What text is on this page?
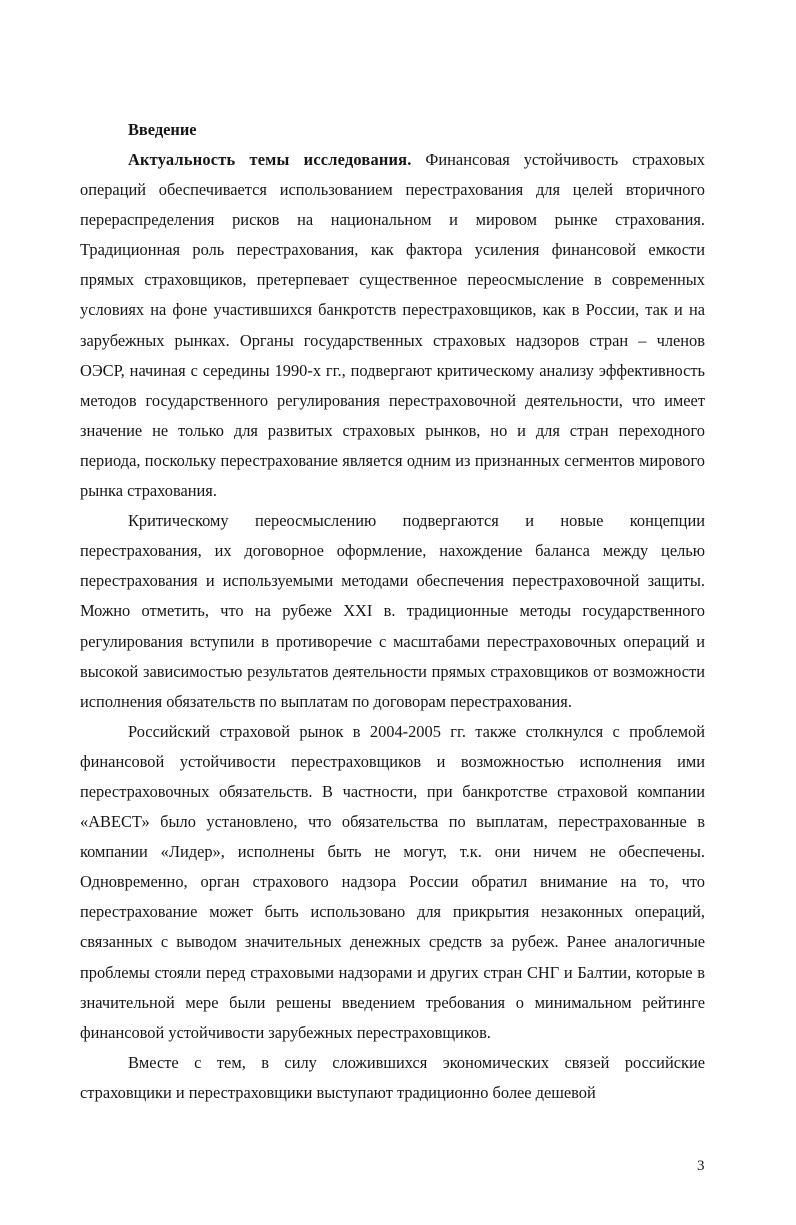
Введение

Актуальность темы исследования. Финансовая устойчивость страховых операций обеспечивается использованием перестрахования для целей вторичного перераспределения рисков на национальном и мировом рынке страхования. Традиционная роль перестрахования, как фактора усиления финансовой емкости прямых страховщиков, претерпевает существенное переосмысление в современных условиях на фоне участившихся банкротств перестраховщиков, как в России, так и на зарубежных рынках. Органы государственных страховых надзоров стран – членов ОЭСР, начиная с середины 1990-х гг., подвергают критическому анализу эффективность методов государственного регулирования перестраховочной деятельности, что имеет значение не только для развитых страховых рынков, но и для стран переходного периода, поскольку перестрахование является одним из признанных сегментов мирового рынка страхования.

Критическому переосмыслению подвергаются и новые концепции перестрахования, их договорное оформление, нахождение баланса между целью перестрахования и используемыми методами обеспечения перестраховочной защиты. Можно отметить, что на рубеже XXI в. традиционные методы государственного регулирования вступили в противоречие с масштабами перестраховочных операций и высокой зависимостью результатов деятельности прямых страховщиков от возможности исполнения обязательств по выплатам по договорам перестрахования.

Российский страховой рынок в 2004-2005 гг. также столкнулся с проблемой финансовой устойчивости перестраховщиков и возможностью исполнения ими перестраховочных обязательств. В частности, при банкротстве страховой компании «АВЕСТ» было установлено, что обязательства по выплатам, перестрахованные в компании «Лидер», исполнены быть не могут, т.к. они ничем не обеспечены. Одновременно, орган страхового надзора России обратил внимание на то, что перестрахование может быть использовано для прикрытия незаконных операций, связанных с выводом значительных денежных средств за рубеж. Ранее аналогичные проблемы стояли перед страховыми надзорами и других стран СНГ и Балтии, которые в значительной мере были решены введением требования о минимальном рейтинге финансовой устойчивости зарубежных перестраховщиков.

Вместе с тем, в силу сложившихся экономических связей российские страховщики и перестраховщики выступают традиционно более дешевой

3
